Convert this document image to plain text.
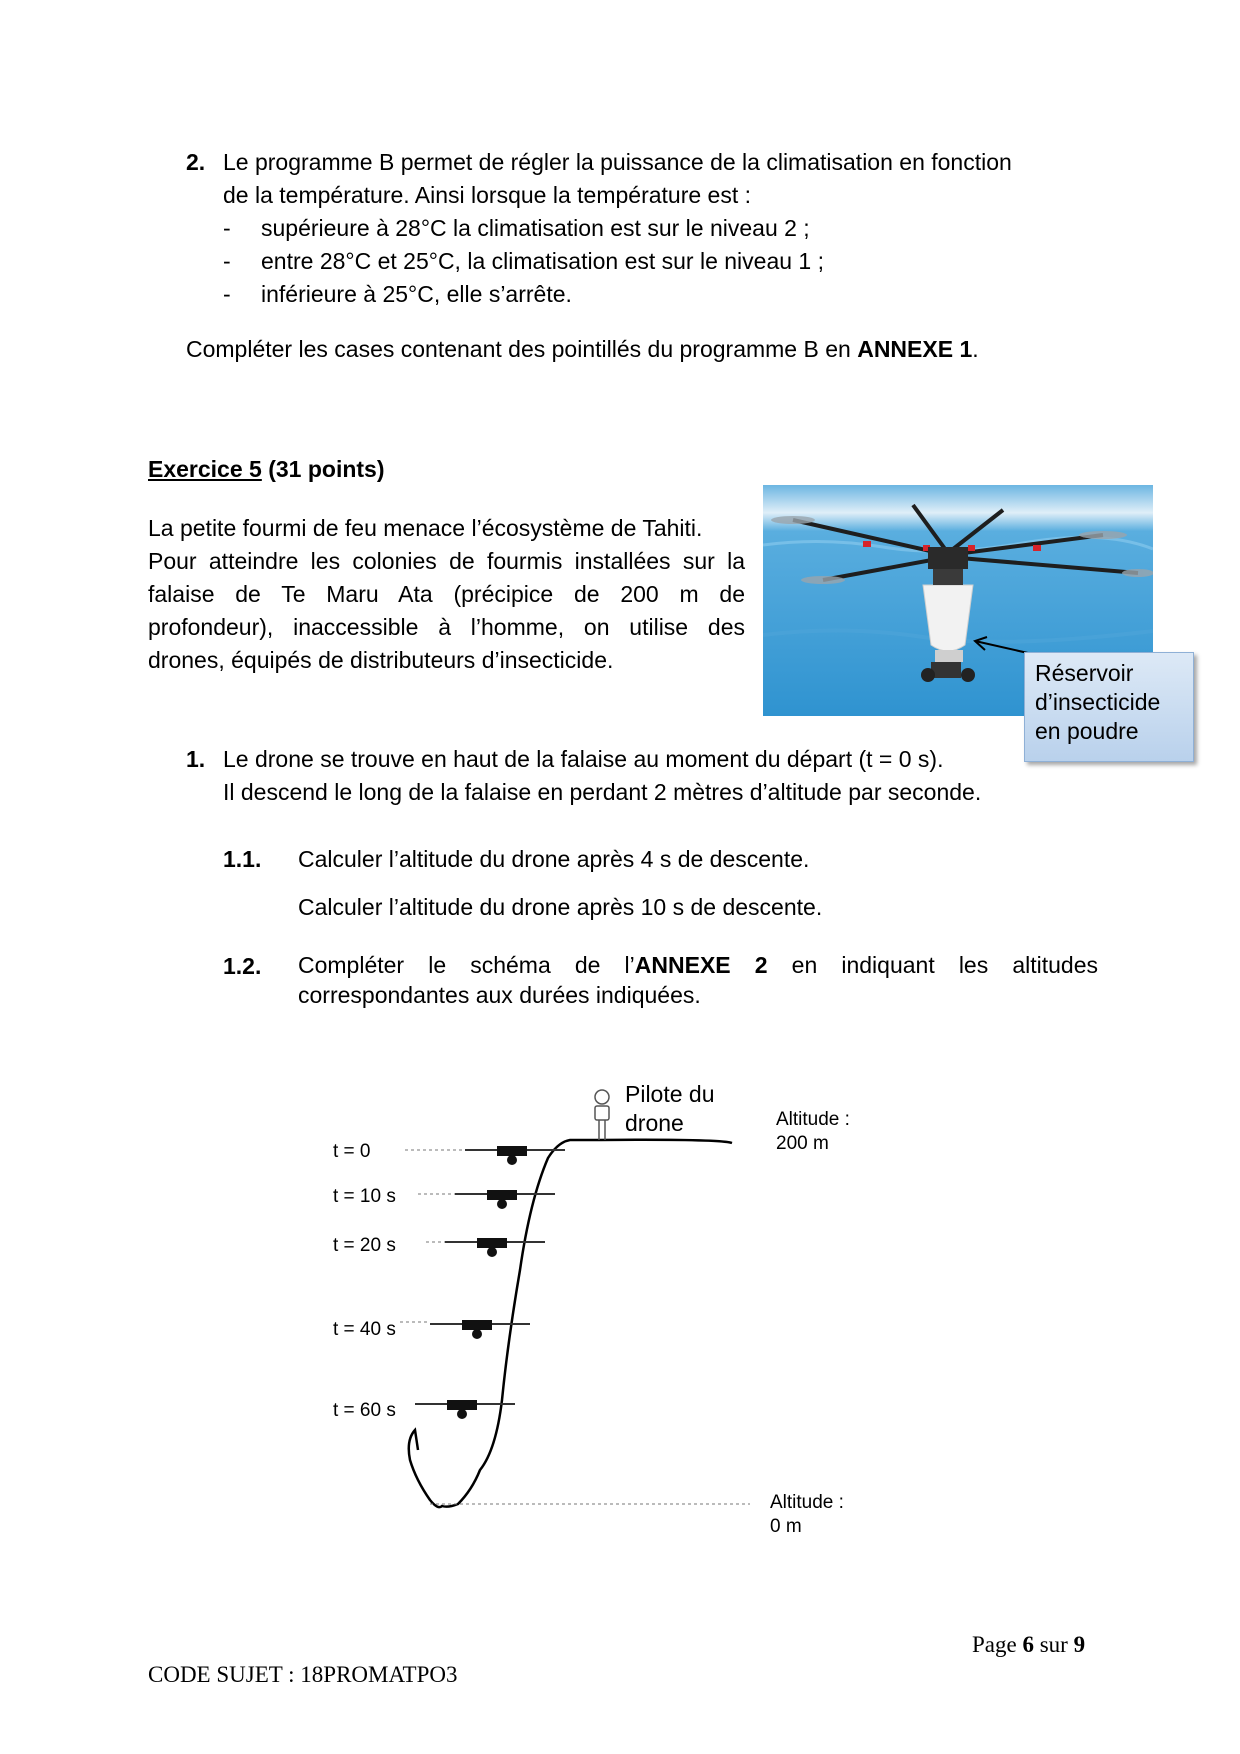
2. Le programme B permet de régler la puissance de la climatisation en fonction
de la température. Ainsi lorsque la température est :
- supérieure à 28°C la climatisation est sur le niveau 2 ;
- entre 28°C et 25°C, la climatisation est sur le niveau 1 ;
- inférieure à 25°C, elle s’arrête.
Compléter les cases contenant des pointillés du programme B en ANNEXE 1.
Exercice 5 (31 points)
La petite fourmi de feu menace l’écosystème de Tahiti.
Pour atteindre les colonies de fourmis installées sur la
falaise de Te Maru Ata (précipice de 200 m de
profondeur), inaccessible à l’homme, on utilise des
drones, équipés de distributeurs d’insecticide.	Réservoir
d’insecticide
en poudre
1. Le drone se trouve en haut de la falaise au moment du départ (t = 0 s).
Il descend le long de la falaise en perdant 2 mètres d’altitude par seconde.
1.1. Calculer l’altitude du drone après 4 s de descente.
Calculer l’altitude du drone après 10 s de descente.
1.2. Compléter le schéma de l’ANNEXE 2 en indiquant les altitudes
correspondantes aux durées indiquées.
Pilote du
drone	Altitude :
200 m
Altitude :
0 m
t = 0
t = 10 s
t = 20 s
t = 40 s
t = 60 s
Page 6 sur 9
CODE SUJET : 18PROMATPO3
